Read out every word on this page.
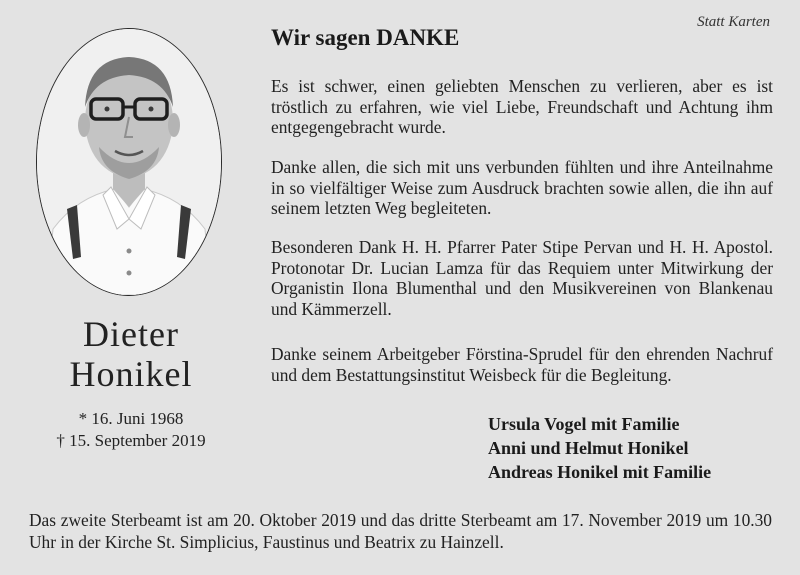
Dieter
Honikel
* 16. Juni 1968
† 15. September 2019
Statt Karten
Wir sagen DANKE
Es ist schwer, einen geliebten Menschen zu verlieren, aber es ist tröstlich zu erfahren, wie viel Liebe, Freundschaft und Achtung ihm entgegengebracht wurde.
Danke allen, die sich mit uns verbunden fühlten und ihre Anteilnahme in so vielfältiger Weise zum Ausdruck brachten sowie allen, die ihn auf seinem letzten Weg begleiteten.
Besonderen Dank H. H. Pfarrer Pater Stipe Pervan und H. H. Apostol. Protonotar Dr. Lucian Lamza für das Requiem unter Mitwirkung der Organistin Ilona Blumenthal und den Musikvereinen von Blankenau und Kämmerzell.
Danke seinem Arbeitgeber Förstina-Sprudel für den ehrenden Nachruf und dem Bestattungsinstitut Weisbeck für die Begleitung.
Ursula Vogel mit Familie
Anni und Helmut Honikel
Andreas Honikel mit Familie
Das zweite Sterbeamt ist am 20. Oktober 2019 und das dritte Sterbeamt am 17. November 2019 um 10.30 Uhr in der Kirche St. Simplicius, Faustinus und Beatrix zu Hainzell.
